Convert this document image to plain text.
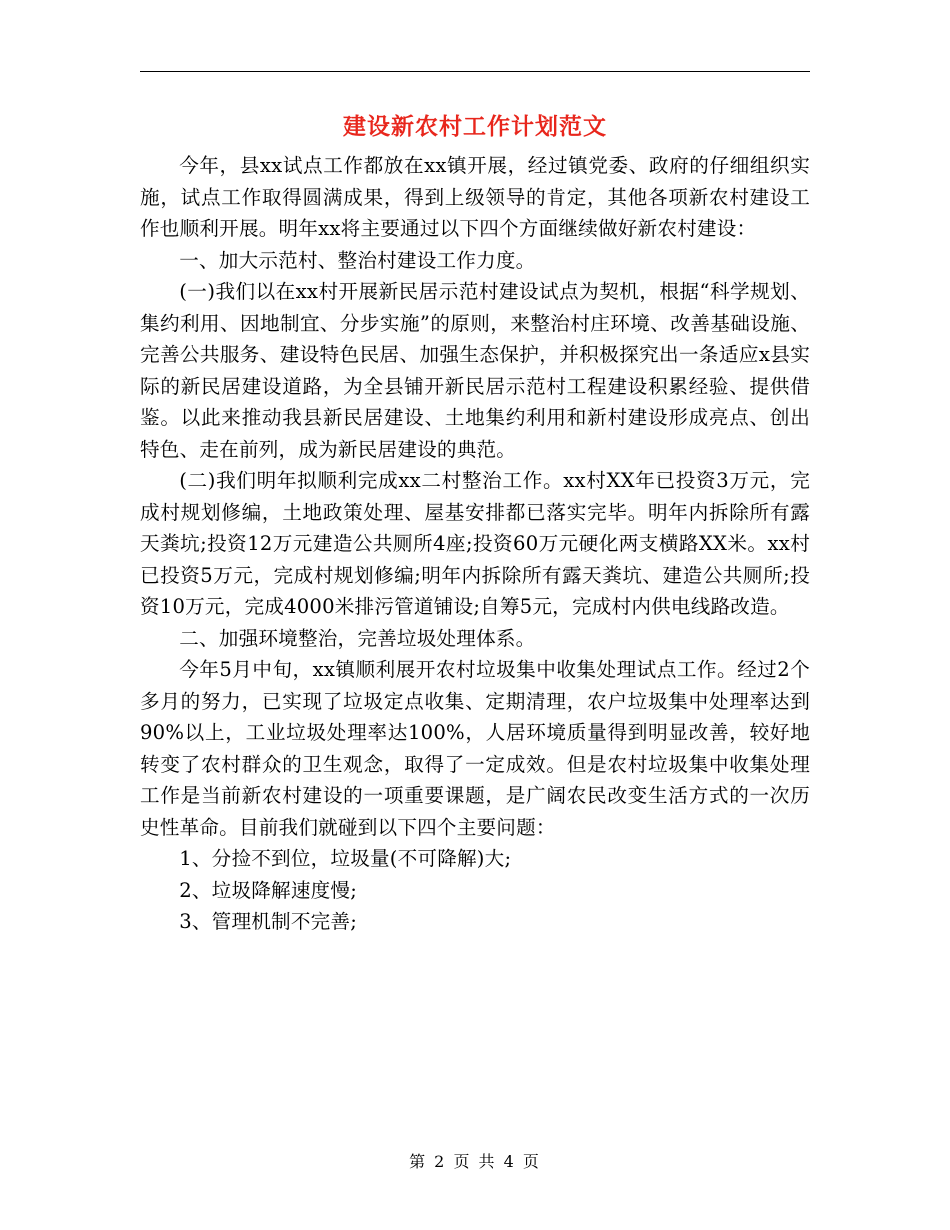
建设新农村工作计划范文

今年，县xx试点工作都放在xx镇开展，经过镇党委、政府的仔细组织实施，试点工作取得圆满成果，得到上级领导的肯定，其他各项新农村建设工作也顺利开展。明年xx将主要通过以下四个方面继续做好新农村建设：

一、加大示范村、整治村建设工作力度。

(一)我们以在xx村开展新民居示范村建设试点为契机，根据“科学规划、集约利用、因地制宜、分步实施”的原则，来整治村庄环境、改善基础设施、完善公共服务、建设特色民居、加强生态保护，并积极探究出一条适应x县实际的新民居建设道路，为全县铺开新民居示范村工程建设积累经验、提供借鉴。以此来推动我县新民居建设、土地集约利用和新村建设形成亮点、创出特色、走在前列，成为新民居建设的典范。

(二)我们明年拟顺利完成xx二村整治工作。xx村XX年已投资3万元，完成村规划修编，土地政策处理、屋基安排都已落实完毕。明年内拆除所有露天粪坑;投资12万元建造公共厕所4座;投资60万元硬化两支横路XX米。xx村已投资5万元，完成村规划修编;明年内拆除所有露天粪坑、建造公共厕所;投资10万元，完成4000米排污管道铺设;自筹5元，完成村内供电线路改造。

二、加强环境整治，完善垃圾处理体系。

今年5月中旬，xx镇顺利展开农村垃圾集中收集处理试点工作。经过2个多月的努力，已实现了垃圾定点收集、定期清理，农户垃圾集中处理率达到 90%以上，工业垃圾处理率达100%，人居环境质量得到明显改善，较好地转变了农村群众的卫生观念，取得了一定成效。但是农村垃圾集中收集处理工作是当前新农村建设的一项重要课题，是广阔农民改变生活方式的一次历史性革命。目前我们就碰到以下四个主要问题：

1、分捡不到位，垃圾量(不可降解)大;

2、垃圾降解速度慢;

3、管理机制不完善;

第 2 页 共 4 页
